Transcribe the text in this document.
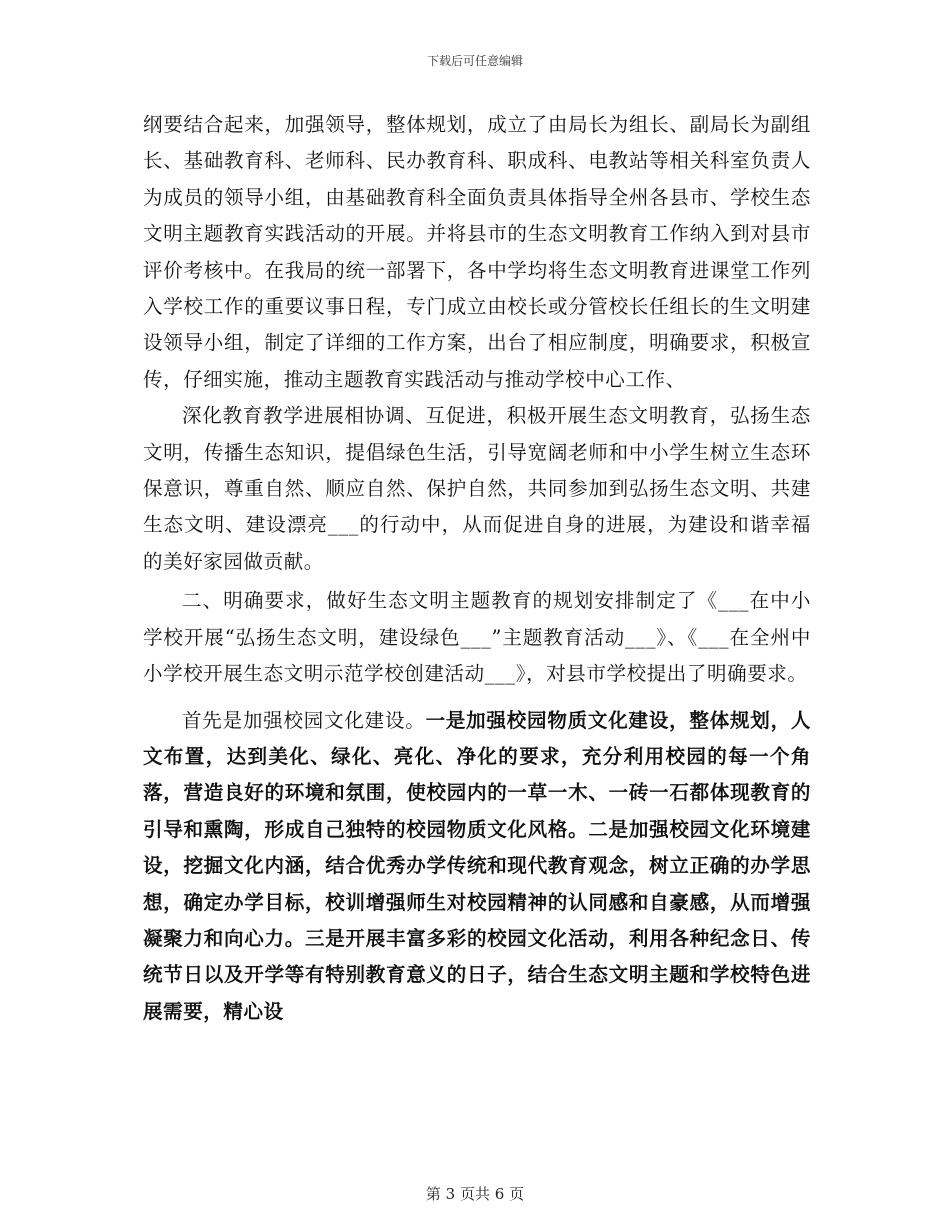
下载后可任意编辑

纲要结合起来，加强领导，整体规划，成立了由局长为组长、副局长为副组长、基础教育科、老师科、民办教育科、职成科、电教站等相关科室负责人为成员的领导小组，由基础教育科全面负责具体指导全州各县市、学校生态文明主题教育实践活动的开展。并将县市的生态文明教育工作纳入到对县市评价考核中。在我局的统一部署下，各中学均将生态文明教育进课堂工作列入学校工作的重要议事日程，专门成立由校长或分管校长任组长的生文明建设领导小组，制定了详细的工作方案，出台了相应制度，明确要求，积极宣传，仔细实施，推动主题教育实践活动与推动学校中心工作、

深化教育教学进展相协调、互促进，积极开展生态文明教育，弘扬生态文明，传播生态知识，提倡绿色生活，引导宽阔老师和中小学生树立生态环保意识，尊重自然、顺应自然、保护自然，共同参加到弘扬生态文明、共建生态文明、建设漂亮___的行动中，从而促进自身的进展，为建设和谐幸福的美好家园做贡献。

二、明确要求，做好生态文明主题教育的规划安排制定了《___在中小学校开展“弘扬生态文明，建设绿色___”主题教育活动___》、《___在全州中小学校开展生态文明示范学校创建活动___》，对县市学校提出了明确要求。

首先是加强校园文化建设。一是加强校园物质文化建设，整体规划，人文布置，达到美化、绿化、亮化、净化的要求，充分利用校园的每一个角落，营造良好的环境和氛围，使校园内的一草一木、一砖一石都体现教育的引导和熏陶，形成自己独特的校园物质文化风格。二是加强校园文化环境建设，挖掘文化内涵，结合优秀办学传统和现代教育观念，树立正确的办学思想，确定办学目标，校训增强师生对校园精神的认同感和自豪感，从而增强凝聚力和向心力。三是开展丰富多彩的校园文化活动，利用各种纪念日、传统节日以及开学等有特别教育意义的日子，结合生态文明主题和学校特色进展需要，精心设

第 3 页共 6 页
